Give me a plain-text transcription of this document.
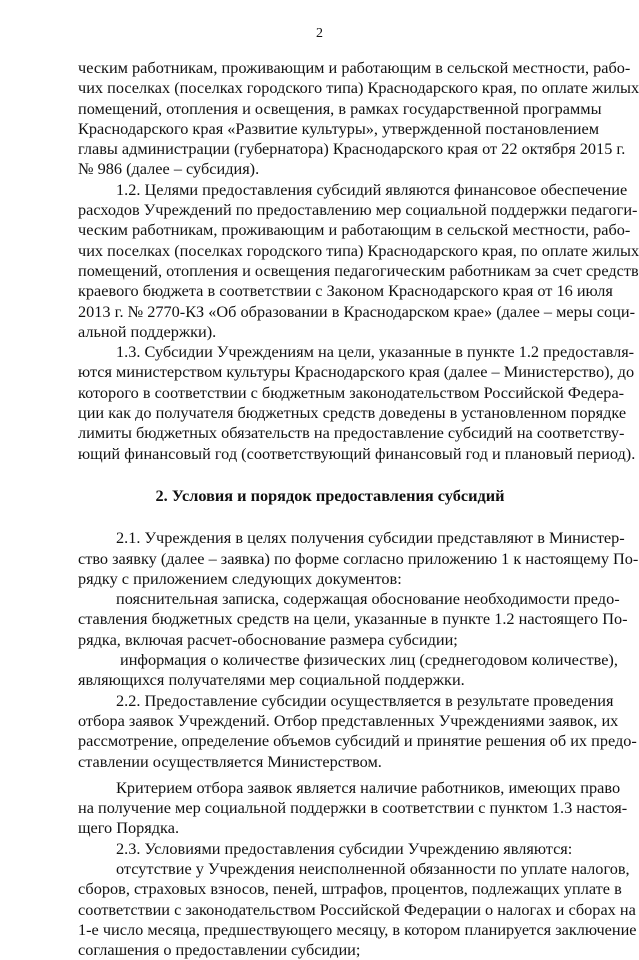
2
ческим работникам, проживающим и работающим в сельской местности, рабо-
чих поселках (поселках городского типа) Краснодарского края, по оплате жилых
помещений, отопления и освещения, в рамках государственной программы
Краснодарского края «Развитие культуры», утвержденной постановлением
главы администрации (губернатора) Краснодарского края от 22 октября 2015 г.
№ 986 (далее – субсидия).
1.2. Целями предоставления субсидий являются финансовое обеспечение
расходов Учреждений по предоставлению мер социальной поддержки педагоги-
ческим работникам, проживающим и работающим в сельской местности, рабо-
чих поселках (поселках городского типа) Краснодарского края, по оплате жилых
помещений, отопления и освещения педагогическим работникам за счет средств
краевого бюджета в соответствии с Законом Краснодарского края от 16 июля
2013 г. № 2770-КЗ «Об образовании в Краснодарском крае» (далее – меры соци-
альной поддержки).
1.3. Субсидии Учреждениям на цели, указанные в пункте 1.2 предоставля-
ются министерством культуры Краснодарского края (далее – Министерство), до
которого в соответствии с бюджетным законодательством Российской Федера-
ции как до получателя бюджетных средств доведены в установленном порядке
лимиты бюджетных обязательств на предоставление субсидий на соответству-
ющий финансовый год (соответствующий финансовый год и плановый период).
2. Условия и порядок предоставления субсидий
2.1. Учреждения в целях получения субсидии представляют в Министер-
ство заявку (далее – заявка) по форме согласно приложению 1 к настоящему По-
рядку с приложением следующих документов:
пояснительная записка, содержащая обоснование необходимости предо-
ставления бюджетных средств на цели, указанные в пункте 1.2 настоящего По-
рядка, включая расчет-обоснование размера субсидии;
информация о количестве физических лиц (среднегодовом количестве),
являющихся получателями мер социальной поддержки.
2.2. Предоставление субсидии осуществляется в результате проведения
отбора заявок Учреждений. Отбор представленных Учреждениями заявок, их
рассмотрение, определение объемов субсидий и принятие решения об их предо-
ставлении осуществляется Министерством.
Критерием отбора заявок является наличие работников, имеющих право
на получение мер социальной поддержки в соответствии с пунктом 1.3 настоя-
щего Порядка.
2.3. Условиями предоставления субсидии Учреждению являются:
отсутствие у Учреждения неисполненной обязанности по уплате налогов,
сборов, страховых взносов, пеней, штрафов, процентов, подлежащих уплате в
соответствии с законодательством Российской Федерации о налогах и сборах на
1-е число месяца, предшествующего месяцу, в котором планируется заключение
соглашения о предоставлении субсидии;
